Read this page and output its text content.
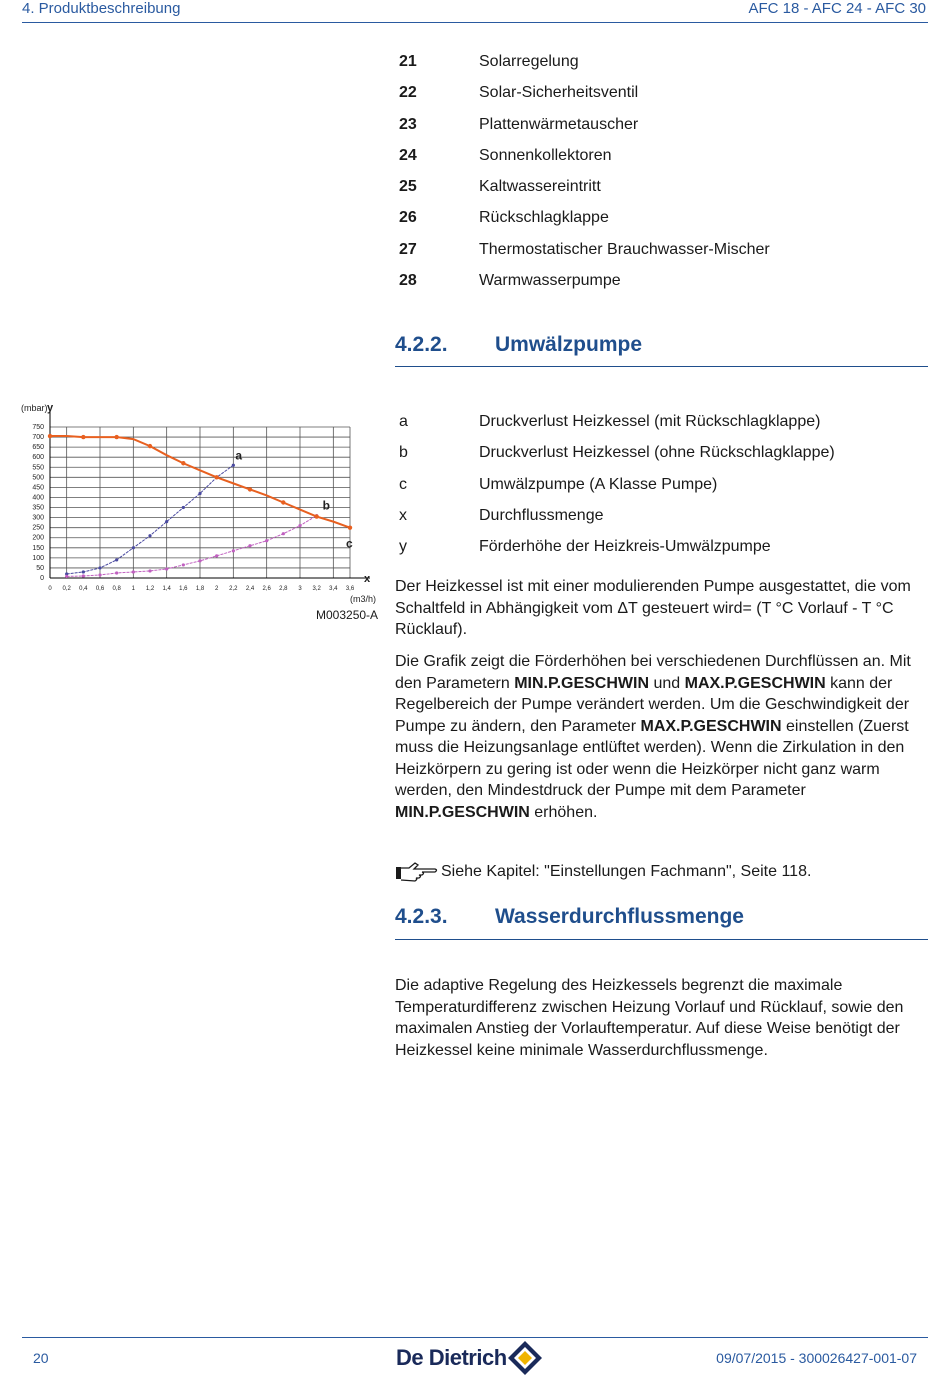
4. Produktbeschreibung	AFC 18 - AFC 24 - AFC 30
21	Solarregelung
22	Solar-Sicherheitsventil
23	Plattenwärmetauscher
24	Sonnenkollektoren
25	Kaltwassereintritt
26	Rückschlagklappe
27	Thermostatischer Brauchwasser-Mischer
28	Warmwasserpumpe
4.2.2. Umwälzpumpe
0 0,2 0,4 0,6 0,8 1 1,2 1,4 1,6 1,8 2 2,2 2,4 2,6 2,8 3 3,2 3,4 3,6
0
50
100
150
200
250
300
350
400
450
500
550
600
650
700
750
(mbar) y
x
(m3/h)
a
b
c
M003250-A
a	Druckverlust Heizkessel (mit Rückschlagklappe)
b	Druckverlust Heizkessel (ohne Rückschlagklappe)
c	Umwälzpumpe (A Klasse Pumpe)
x	Durchflussmenge
y	Förderhöhe der Heizkreis-Umwälzpumpe
Der Heizkessel ist mit einer modulierenden Pumpe ausgestattet, die vom Schaltfeld in Abhängigkeit vom ΔT gesteuert wird= (T °C Vorlauf - T °C Rücklauf).
Die Grafik zeigt die Förderhöhen bei verschiedenen Durchflüssen an. Mit den Parametern MIN.P.GESCHWIN und MAX.P.GESCHWIN kann der Regelbereich der Pumpe verändert werden. Um die Geschwindigkeit der Pumpe zu ändern, den Parameter MAX.P.GESCHWIN einstellen (Zuerst muss die Heizungsanlage entlüftet werden). Wenn die Zirkulation in den Heizkörpern zu gering ist oder wenn die Heizkörper nicht ganz warm werden, den Mindestdruck der Pumpe mit dem Parameter MIN.P.GESCHWIN erhöhen.
Siehe Kapitel: "Einstellungen Fachmann", Seite 118.
4.2.3. Wasserdurchflussmenge
Die adaptive Regelung des Heizkessels begrenzt die maximale Temperaturdifferenz zwischen Heizung Vorlauf und Rücklauf, sowie den maximalen Anstieg der Vorlauftemperatur. Auf diese Weise benötigt der Heizkessel keine minimale Wasserdurchflussmenge.
20	De Dietrich	09/07/2015 - 300026427-001-07
